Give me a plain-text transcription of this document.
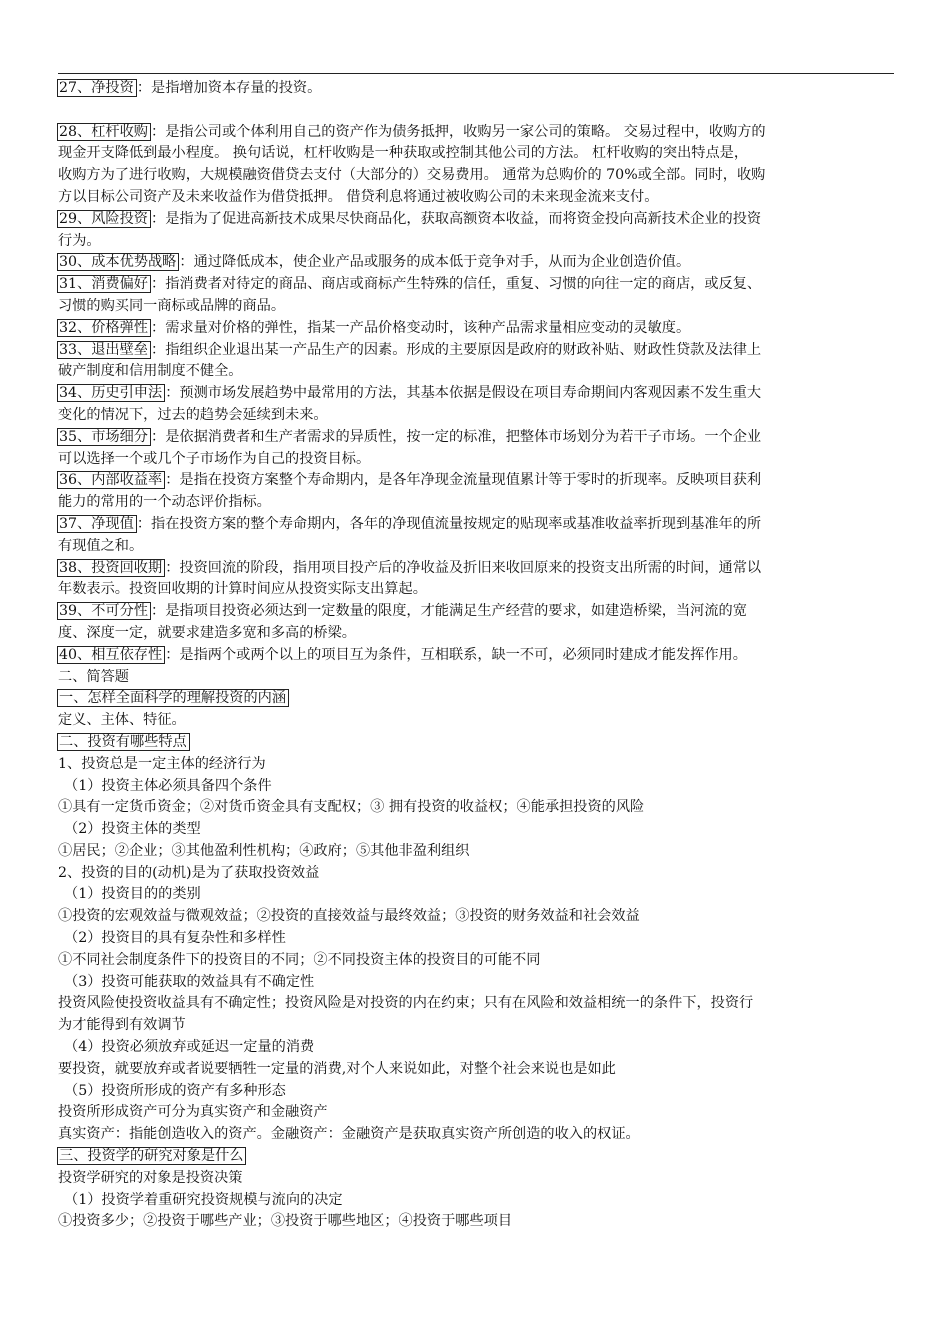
27、净投资 ：是指增加资本存量的投资。
28、杠杆收购 ：是指公司或个体利用自己的资产作为债务抵押，收购另一家公司的策略。 交易过程中，收购方的
现金开支降低到最小程度。 换句话说，杠杆收购是一种获取或控制其他公司的方法。 杠杆收购的突出特点是，
收购方为了进行收购，大规模融资借贷去支付（大部分的）交易费用。 通常为总购价的 70%或全部。同时，收购
方以目标公司资产及未来收益作为借贷抵押。 借贷利息将通过被收购公司的未来现金流来支付。
29、风险投资 ：是指为了促进高新技术成果尽快商品化，获取高额资本收益，而将资金投向高新技术企业的投资
行为。
30、成本优势战略 ：通过降低成本，使企业产品或服务的成本低于竞争对手，从而为企业创造价值。
31、消费偏好 ：指消费者对待定的商品、商店或商标产生特殊的信任，重复、习惯的向往一定的商店，或反复、
习惯的购买同一商标或品牌的商品。
32、价格弹性 ：需求量对价格的弹性，指某一产品价格变动时，该种产品需求量相应变动的灵敏度。
33、退出壁垒 ：指组织企业退出某一产品生产的因素。形成的主要原因是政府的财政补贴、财政性贷款及法律上
破产制度和信用制度不健全。
34、历史引申法 ：预测市场发展趋势中最常用的方法，其基本依据是假设在项目寿命期间内客观因素不发生重大
变化的情况下，过去的趋势会延续到未来。
35、市场细分 ：是依据消费者和生产者需求的异质性，按一定的标准，把整体市场划分为若干子市场。一个企业
可以选择一个或几个子市场作为自己的投资目标。
36、内部收益率 ：是指在投资方案整个寿命期内，是各年净现金流量现值累计等于零时的折现率。反映项目获利
能力的常用的一个动态评价指标。
37、净现值 ：指在投资方案的整个寿命期内，各年的净现值流量按规定的贴现率或基准收益率折现到基准年的所
有现值之和。
38、投资回收期 ：投资回流的阶段，指用项目投产后的净收益及折旧来收回原来的投资支出所需的时间，通常以
年数表示。投资回收期的计算时间应从投资实际支出算起。
39、不可分性 ：是指项目投资必须达到一定数量的限度，才能满足生产经营的要求，如建造桥梁，当河流的宽
度、深度一定，就要求建造多宽和多高的桥梁。
40、相互依存性 ：是指两个或两个以上的项目互为条件，互相联系，缺一不可，必须同时建成才能发挥作用。
二、简答题
一、怎样全面科学的理解投资的内涵
定义、主体、特征。
二、投资有哪些特点
1、投资总是一定主体的经济行为
（1）投资主体必须具备四个条件
①具有一定货币资金；②对货币资金具有支配权；③ 拥有投资的收益权；④能承担投资的风险
（2）投资主体的类型
①居民；②企业；③其他盈利性机构；④政府；⑤其他非盈利组织
2、投资的目的(动机)是为了获取投资效益
（1）投资目的的类别
①投资的宏观效益与微观效益；②投资的直接效益与最终效益；③投资的财务效益和社会效益
（2）投资目的具有复杂性和多样性
①不同社会制度条件下的投资目的不同；②不同投资主体的投资目的可能不同
（3）投资可能获取的效益具有不确定性
投资风险使投资收益具有不确定性；投资风险是对投资的内在约束；只有在风险和效益相统一的条件下，投资行
为才能得到有效调节
（4）投资必须放弃或延迟一定量的消费
要投资，就要放弃或者说要牺牲一定量的消费,对个人来说如此，对整个社会来说也是如此
（5）投资所形成的资产有多种形态
投资所形成资产可分为真实资产和金融资产
真实资产：指能创造收入的资产。金融资产：金融资产是获取真实资产所创造的收入的权证。
三、投资学的研究对象是什么
投资学研究的对象是投资决策
（1）投资学着重研究投资规模与流向的决定
①投资多少；②投资于哪些产业；③投资于哪些地区；④投资于哪些项目
